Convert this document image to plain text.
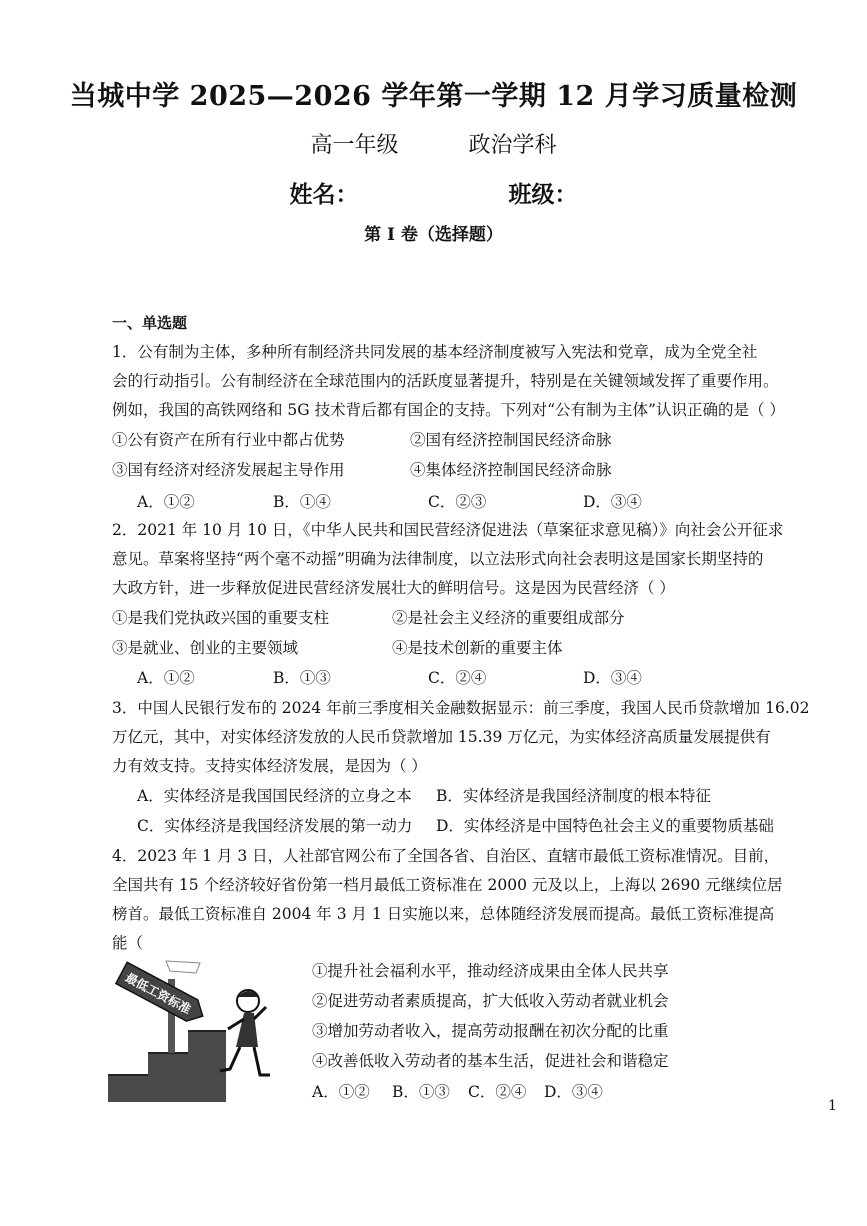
当城中学 2025—2026 学年第一学期 12 月学习质量检测
高一年级	政治学科
姓名：	班级：
第 I 卷（选择题）
一、单选题
1．公有制为主体，多种所有制经济共同发展的基本经济制度被写入宪法和党章，成为全党全社
会的行动指引。公有制经济在全球范围内的活跃度显著提升，特别是在关键领域发挥了重要作用。
例如，我国的高铁网络和 5G 技术背后都有国企的支持。下列对“公有制为主体”认识正确的是（ ）
①公有资产在所有行业中都占优势	②国有经济控制国民经济命脉
③国有经济对经济发展起主导作用	④集体经济控制国民经济命脉
A．①②	B．①④	C．②③	D．③④
2．2021 年 10 月 10 日，《中华人民共和国民营经济促进法（草案征求意见稿）》向社会公开征求
意见。草案将坚持“两个毫不动摇”明确为法律制度，以立法形式向社会表明这是国家长期坚持的
大政方针，进一步释放促进民营经济发展壮大的鲜明信号。这是因为民营经济（ ）
①是我们党执政兴国的重要支柱	②是社会主义经济的重要组成部分
③是就业、创业的主要领域	④是技术创新的重要主体
A．①②	B．①③	C．②④	D．③④
3．中国人民银行发布的 2024 年前三季度相关金融数据显示：前三季度，我国人民币贷款增加 16.02
万亿元，其中，对实体经济发放的人民币贷款增加 15.39 万亿元，为实体经济高质量发展提供有
力有效支持。支持实体经济发展，是因为（ ）
A．实体经济是我国国民经济的立身之本 B．实体经济是我国经济制度的根本特征
C．实体经济是我国经济发展的第一动力 D．实体经济是中国特色社会主义的重要物质基础
4．2023 年 1 月 3 日，人社部官网公布了全国各省、自治区、直辖市最低工资标准情况。目前，
全国共有 15 个经济较好省份第一档月最低工资标准在 2000 元及以上，上海以 2690 元继续位居
榜首。最低工资标准自 2004 年 3 月 1 日实施以来，总体随经济发展而提高。最低工资标准提高
能（
最低工资标准	①提升社会福利水平，推动经济成果由全体人民共享
②促进劳动者素质提高，扩大低收入劳动者就业机会
③增加劳动者收入，提高劳动报酬在初次分配的比重
④改善低收入劳动者的基本生活，促进社会和谐稳定
A．①② B．①③ C．②④ D．③④
1
